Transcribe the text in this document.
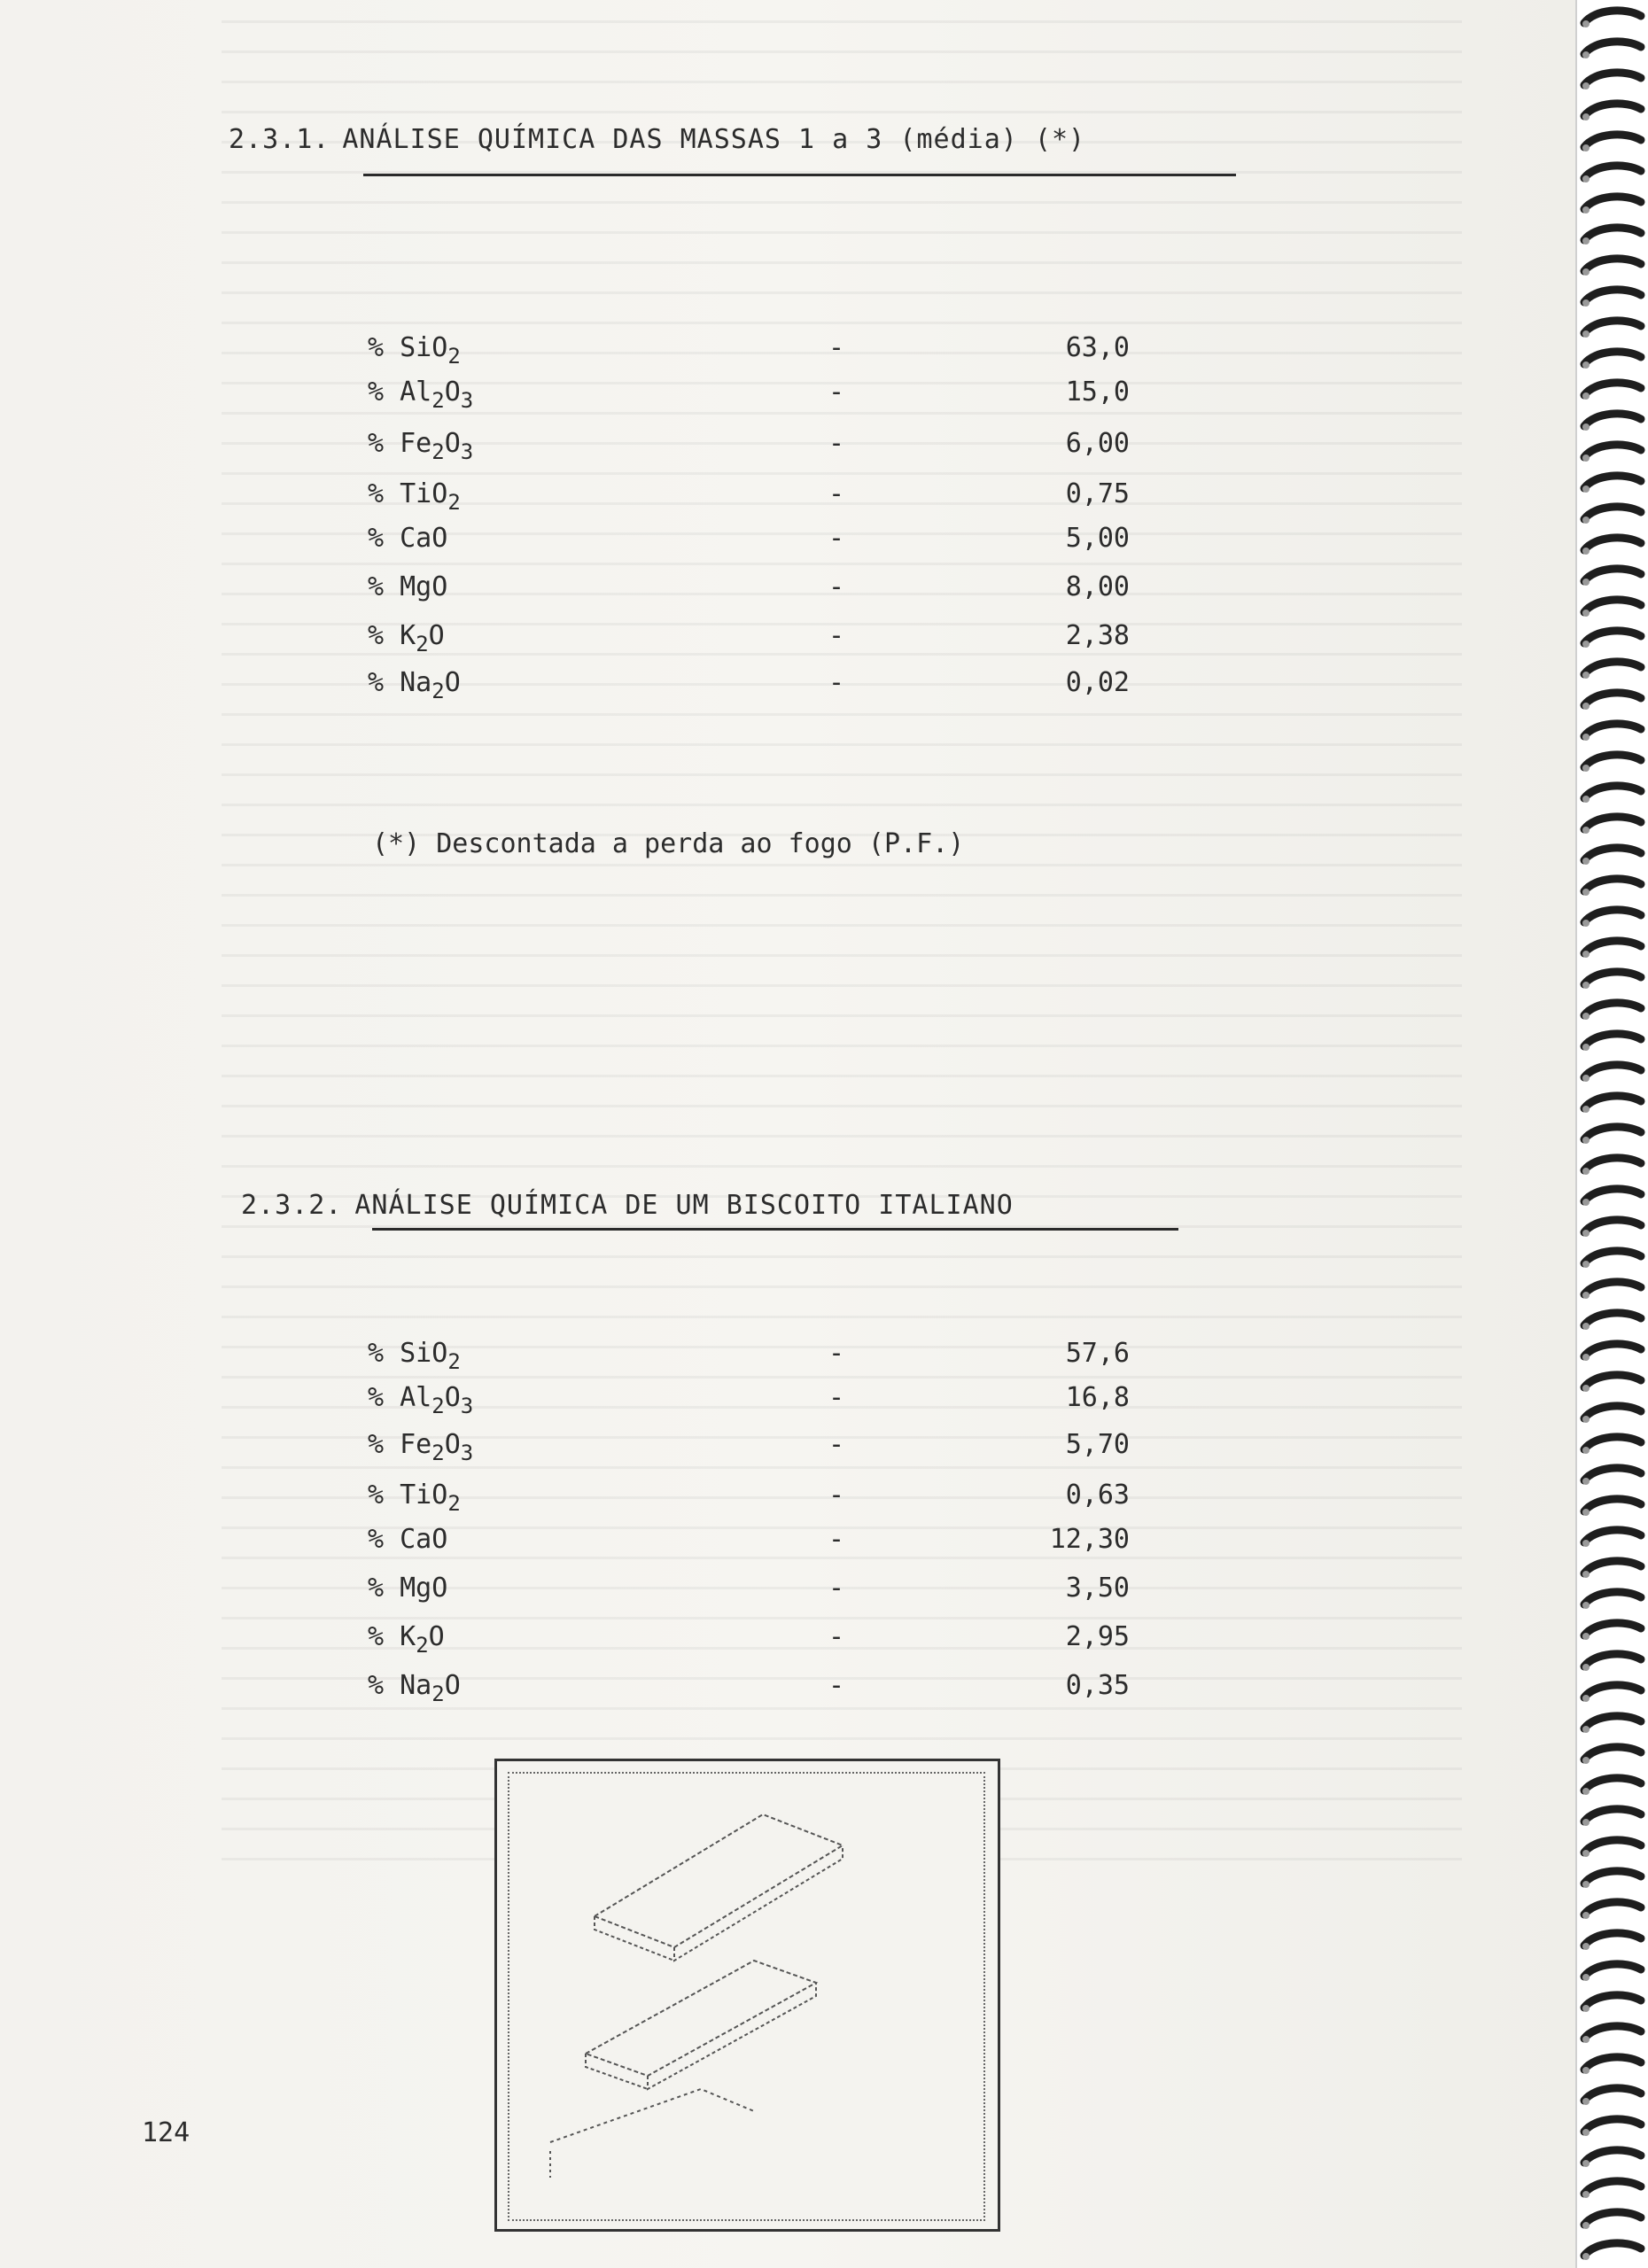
2.3.1. ANÁLISE QUÍMICA DAS MASSAS 1 a 3 (média) (*)
% SiO$_2$	-	63,0
% $Al_2O_3$	-	15,0
% $Fe_2O_3$	-	6,00
% TiO$_2$	-	0,75
% CaO	-	5,00
% MgO	-	8,00
% $K_2O$	-	2,38
% $Na_2O$	-	0,02
(*) Descontada a perda ao fogo (P.F.)
2.3.2. ANÁLISE QUÍMICA DE UM BISCOITO ITALIANO
% SiO$_2$	-	57,6
% $Al_2O_3$	-	16,8
% $Fe_2O_3$	-	5,70
% TiO$_2$	-	0,63
% CaO	-	12,30
% MgO	-	3,50
% $K_2O$	-	2,95
% $Na_2O$	-	0,35
124
